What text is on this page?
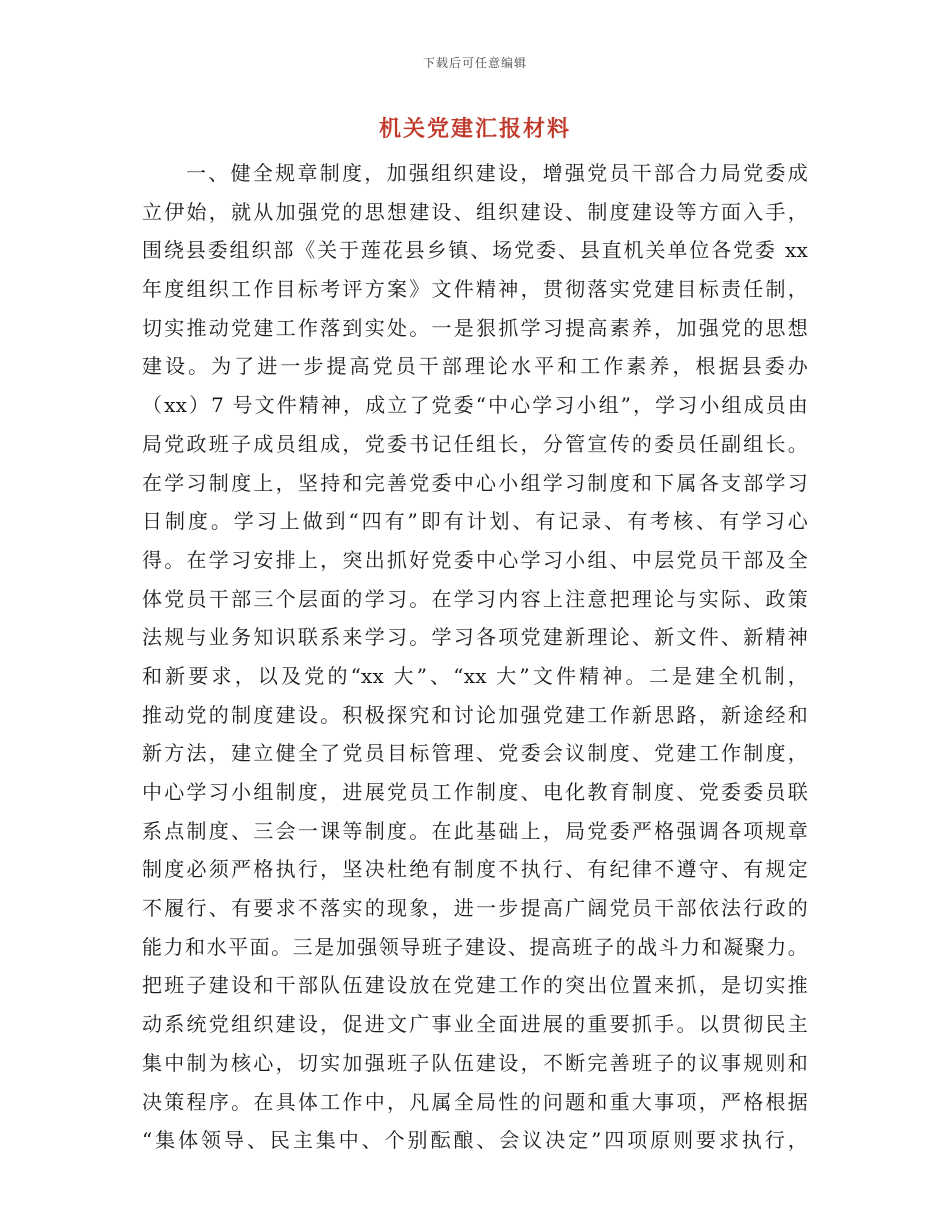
下载后可任意编辑
机关党建汇报材料
一、健全规章制度，加强组织建设，增强党员干部合力局党委成
立伊始，就从加强党的思想建设、组织建设、制度建设等方面入手，
围绕县委组织部《关于莲花县乡镇、场党委、县直机关单位各党委 xx
年度组织工作目标考评方案》文件精神，贯彻落实党建目标责任制，
切实推动党建工作落到实处。一是狠抓学习提高素养，加强党的思想
建设。为了进一步提高党员干部理论水平和工作素养，根据县委办
（xx）7 号文件精神，成立了党委“中心学习小组”，学习小组成员由
局党政班子成员组成，党委书记任组长，分管宣传的委员任副组长。
在学习制度上，坚持和完善党委中心小组学习制度和下属各支部学习
日制度。学习上做到“四有”即有计划、有记录、有考核、有学习心
得。在学习安排上，突出抓好党委中心学习小组、中层党员干部及全
体党员干部三个层面的学习。在学习内容上注意把理论与实际、政策
法规与业务知识联系来学习。学习各项党建新理论、新文件、新精神
和新要求，以及党的“xx 大”、“xx 大”文件精神。二是建全机制，
推动党的制度建设。积极探究和讨论加强党建工作新思路，新途经和
新方法，建立健全了党员目标管理、党委会议制度、党建工作制度，
中心学习小组制度，进展党员工作制度、电化教育制度、党委委员联
系点制度、三会一课等制度。在此基础上，局党委严格强调各项规章
制度必须严格执行，坚决杜绝有制度不执行、有纪律不遵守、有规定
不履行、有要求不落实的现象，进一步提高广阔党员干部依法行政的
能力和水平面。三是加强领导班子建设、提高班子的战斗力和凝聚力。
把班子建设和干部队伍建设放在党建工作的突出位置来抓，是切实推
动系统党组织建设，促进文广事业全面进展的重要抓手。以贯彻民主
集中制为核心，切实加强班子队伍建设，不断完善班子的议事规则和
决策程序。在具体工作中，凡属全局性的问题和重大事项，严格根据
“集体领导、民主集中、个别酝酿、会议决定”四项原则要求执行，
